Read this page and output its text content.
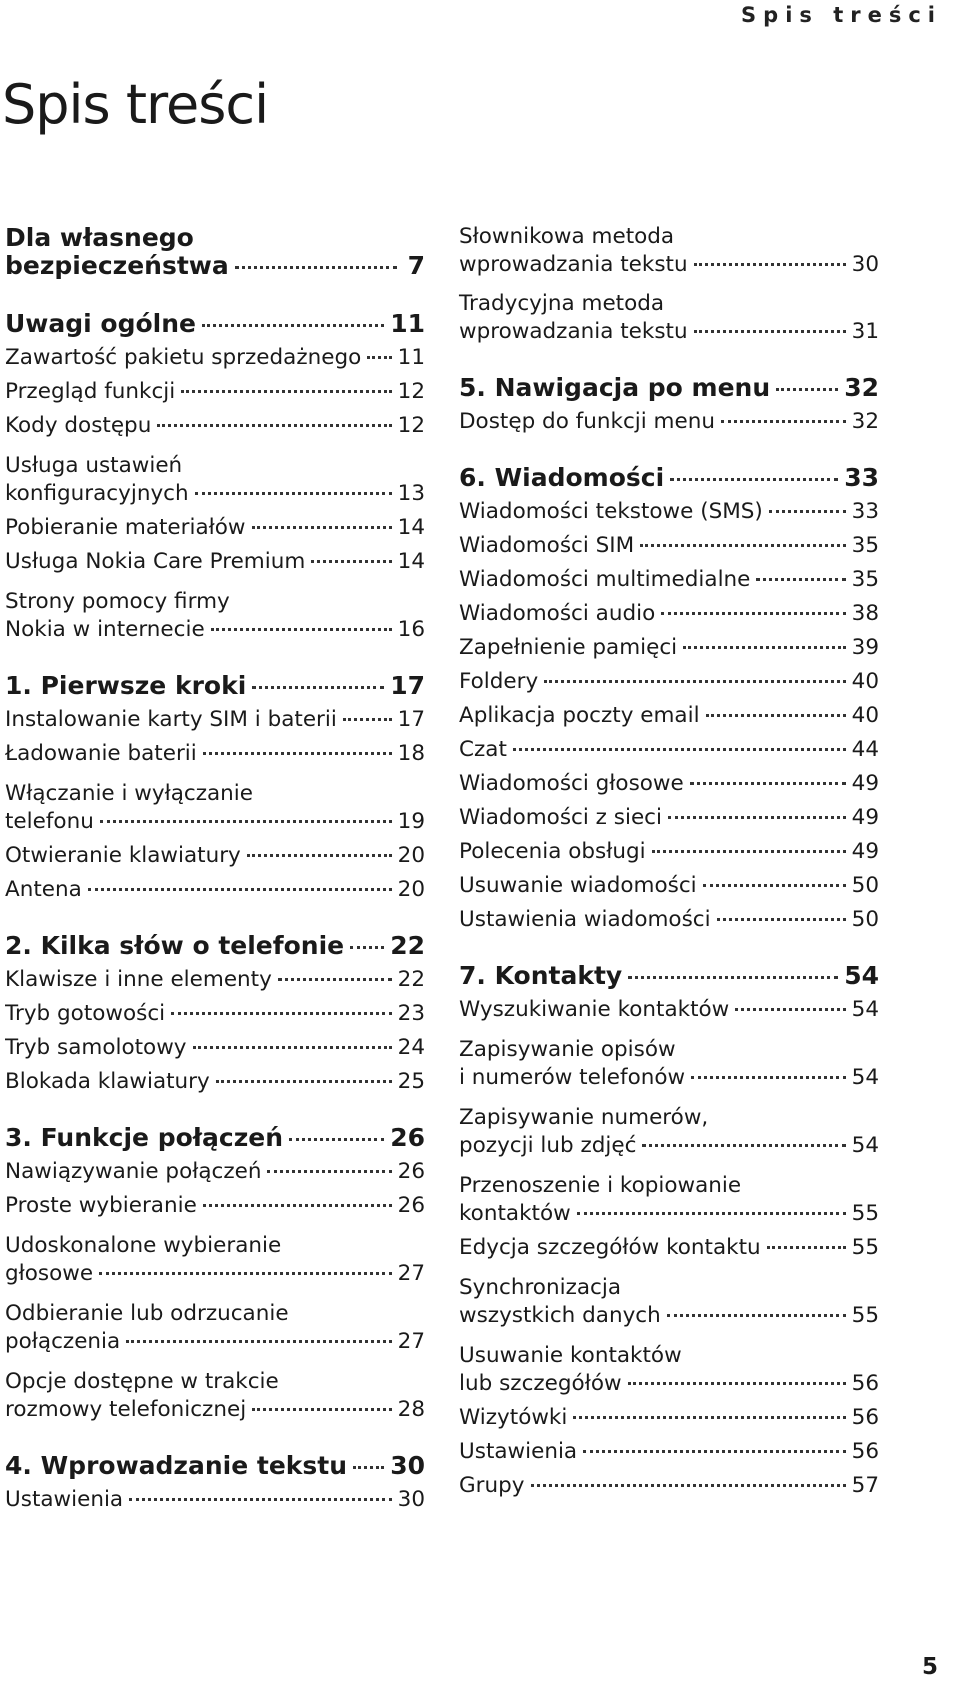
Spis treści
Spis treści
Dla własnego
bezpieczeństwa	7
Uwagi ogólne	11
Zawartość pakietu sprzedażnego 11
Przegląd funkcji	12
Kody dostępu	12
Usługa ustawień
konfiguracyjnych	13
Pobieranie materiałów	14
Usługa Nokia Care Premium	14
Strony pomocy firmy
Nokia w internecie	16
1. Pierwsze kroki	17
Instalowanie karty SIM i baterii	17
Ładowanie baterii	18
Włączanie i wyłączanie
telefonu	19
Otwieranie klawiatury	20
Antena	20
2. Kilka słów o telefonie 22
Klawisze i inne elementy	22
Tryb gotowości	23
Tryb samolotowy	24
Blokada klawiatury	25
3. Funkcje połączeń	26
Nawiązywanie połączeń	26
Proste wybieranie	26
Udoskonalone wybieranie
głosowe	27
Odbieranie lub odrzucanie
połączenia	27
Opcje dostępne w trakcie
rozmowy telefonicznej	28
4. Wprowadzanie tekstu 30
Ustawienia	30
Słownikowa metoda
wprowadzania tekstu	30
Tradycyjna metoda
wprowadzania tekstu	31
5. Nawigacja po menu	32
Dostęp do funkcji menu	32
6. Wiadomości	33
Wiadomości tekstowe (SMS)	33
Wiadomości SIM	35
Wiadomości multimedialne	35
Wiadomości audio	38
Zapełnienie pamięci	39
Foldery	40
Aplikacja poczty email	40
Czat	44
Wiadomości głosowe	49
Wiadomości z sieci	49
Polecenia obsługi	49
Usuwanie wiadomości	50
Ustawienia wiadomości	50
7. Kontakty	54
Wyszukiwanie kontaktów	54
Zapisywanie opisów
i numerów telefonów	54
Zapisywanie numerów,
pozycji lub zdjęć	54
Przenoszenie i kopiowanie
kontaktów	55
Edycja szczegółów kontaktu	55
Synchronizacja
wszystkich danych	55
Usuwanie kontaktów
lub szczegółów	56
Wizytówki	56
Ustawienia	56
Grupy	57
5
